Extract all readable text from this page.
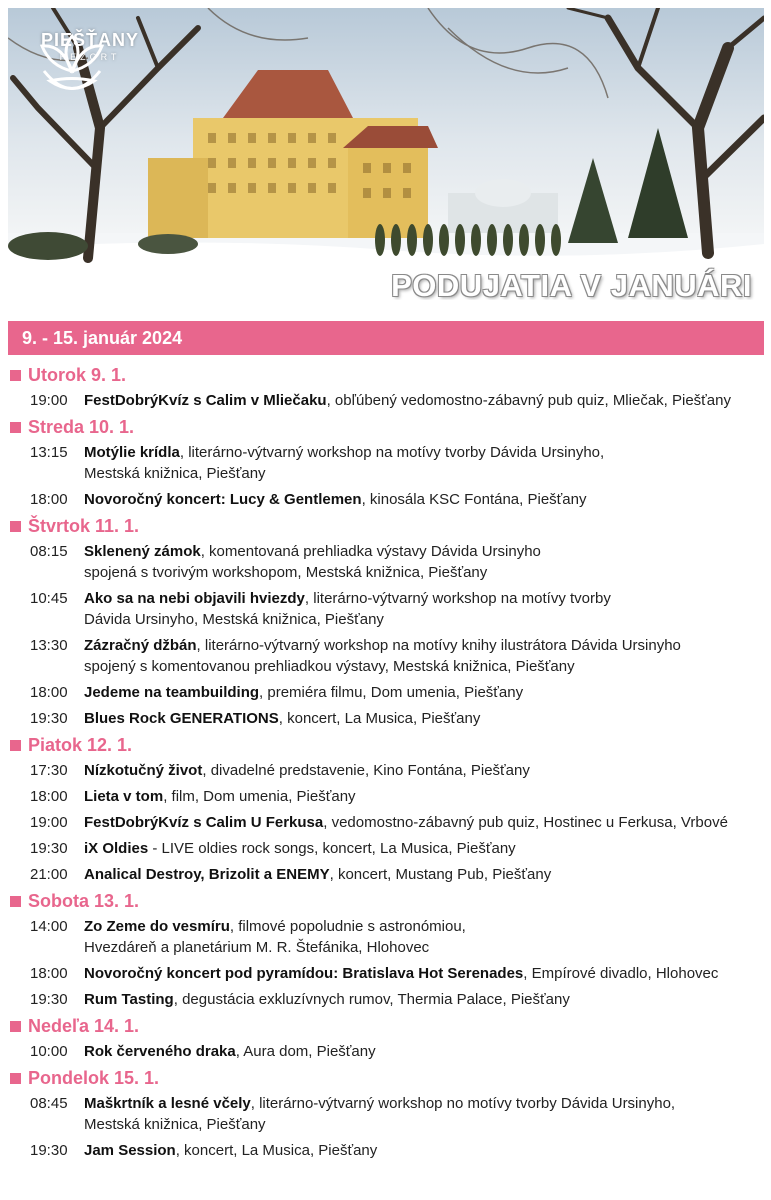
PIEŠŤANY
REZORT
PODUJATIA V JANUÁRI
9. - 15. január 2024
Utorok 9. 1.
19:00	FestDobrýKvíz s Calim v Mliečaku, obľúbený vedomostno-zábavný pub quiz, Mliečak, Piešťany
Streda 10. 1.
13:15	Motýlie krídla, literárno-výtvarný workshop na motívy tvorby Dávida Ursinyho,
Mestská knižnica, Piešťany
18:00	Novoročný koncert: Lucy & Gentlemen, kinosála KSC Fontána, Piešťany
Štvrtok 11. 1.
08:15	Sklenený zámok, komentovaná prehliadka výstavy Dávida Ursinyho
spojená s tvorivým workshopom, Mestská knižnica, Piešťany
10:45	Ako sa na nebi objavili hviezdy, literárno-výtvarný workshop na motívy tvorby
Dávida Ursinyho, Mestská knižnica, Piešťany
13:30	Zázračný džbán, literárno-výtvarný workshop na motívy knihy ilustrátora Dávida Ursinyho
spojený s komentovanou prehliadkou výstavy, Mestská knižnica, Piešťany
18:00	Jedeme na teambuilding, premiéra filmu, Dom umenia, Piešťany
19:30	Blues Rock GENERATIONS, koncert, La Musica, Piešťany
Piatok 12. 1.
17:30	Nízkotučný život, divadelné predstavenie, Kino Fontána, Piešťany
18:00	Lieta v tom, film, Dom umenia, Piešťany
19:00	FestDobrýKvíz s Calim U Ferkusa, vedomostno-zábavný pub quiz, Hostinec u Ferkusa, Vrbové
19:30	iX Oldies - LIVE oldies rock songs, koncert, La Musica, Piešťany
21:00	Analical Destroy, Brizolit a ENEMY, koncert, Mustang Pub, Piešťany
Sobota 13. 1.
14:00	Zo Zeme do vesmíru, filmové popoludnie s astronómiou,
Hvezdáreň a planetárium M. R. Štefánika, Hlohovec
18:00	Novoročný koncert pod pyramídou: Bratislava Hot Serenades, Empírové divadlo, Hlohovec
19:30	Rum Tasting, degustácia exkluzívnych rumov, Thermia Palace, Piešťany
Nedeľa 14. 1.
10:00	Rok červeného draka, Aura dom, Piešťany
Pondelok 15. 1.
08:45	Maškrtník a lesné včely, literárno-výtvarný workshop no motívy tvorby Dávida Ursinyho,
Mestská knižnica, Piešťany
19:30	Jam Session, koncert, La Musica, Piešťany
